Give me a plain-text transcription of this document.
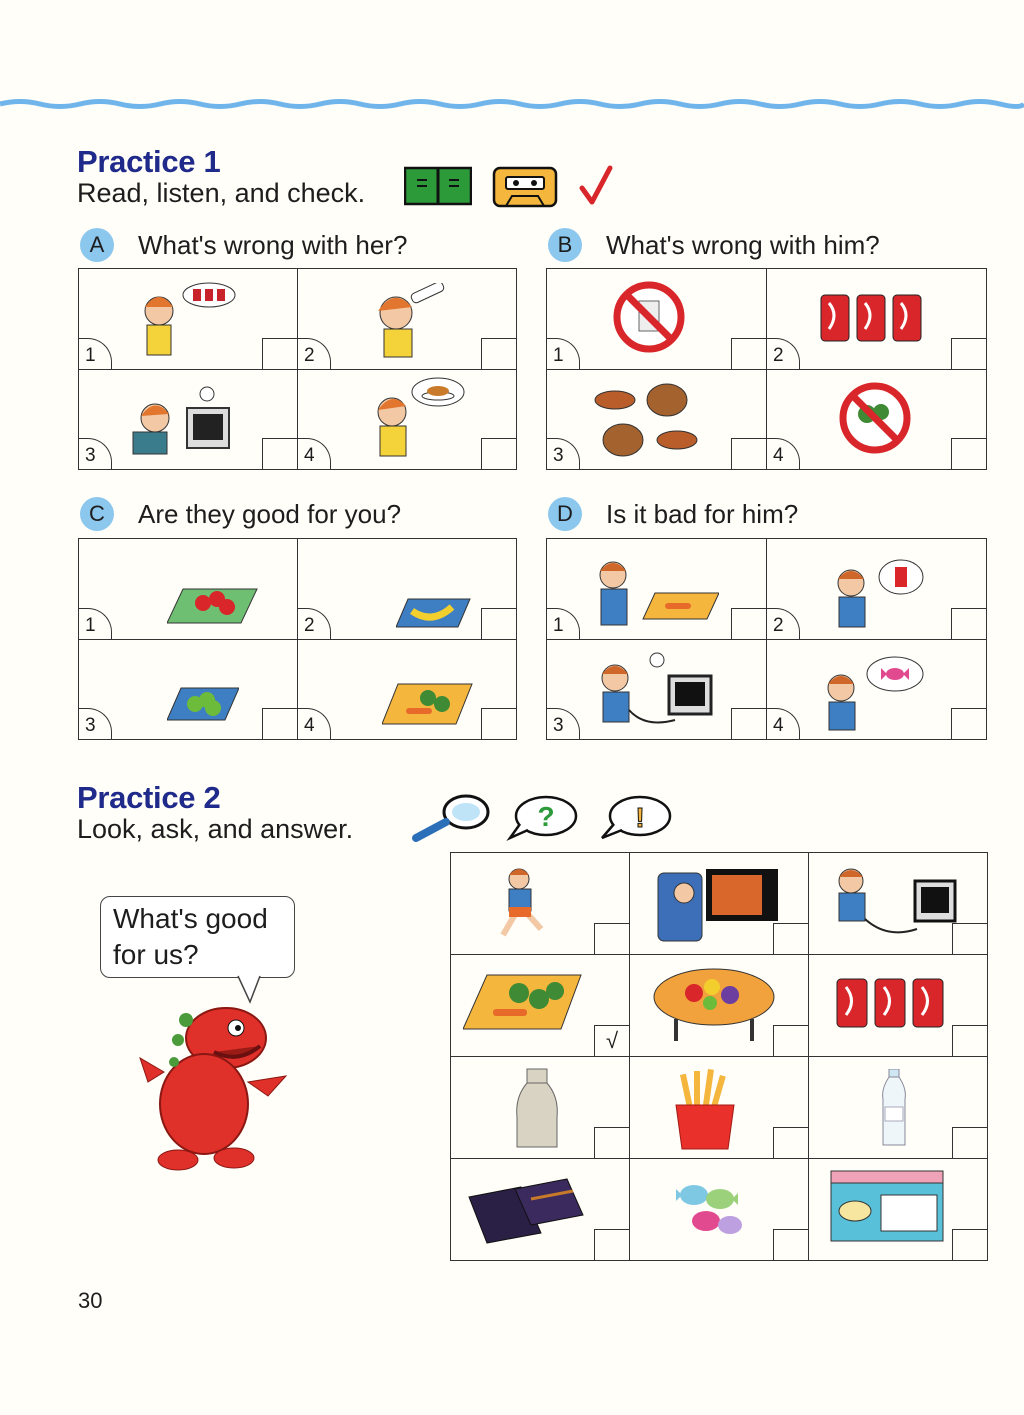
Practice 1
Read, listen, and check.
A	What's wrong with her?
1	2
3	4
B	What's wrong with him?
1	2
3	4
C	Are they good for you?
1	2
3	4
D	Is it bad for him?
1	2
3	4
Practice 2
Look, ask, and answer.	?	!
What's good for us?
√
30
